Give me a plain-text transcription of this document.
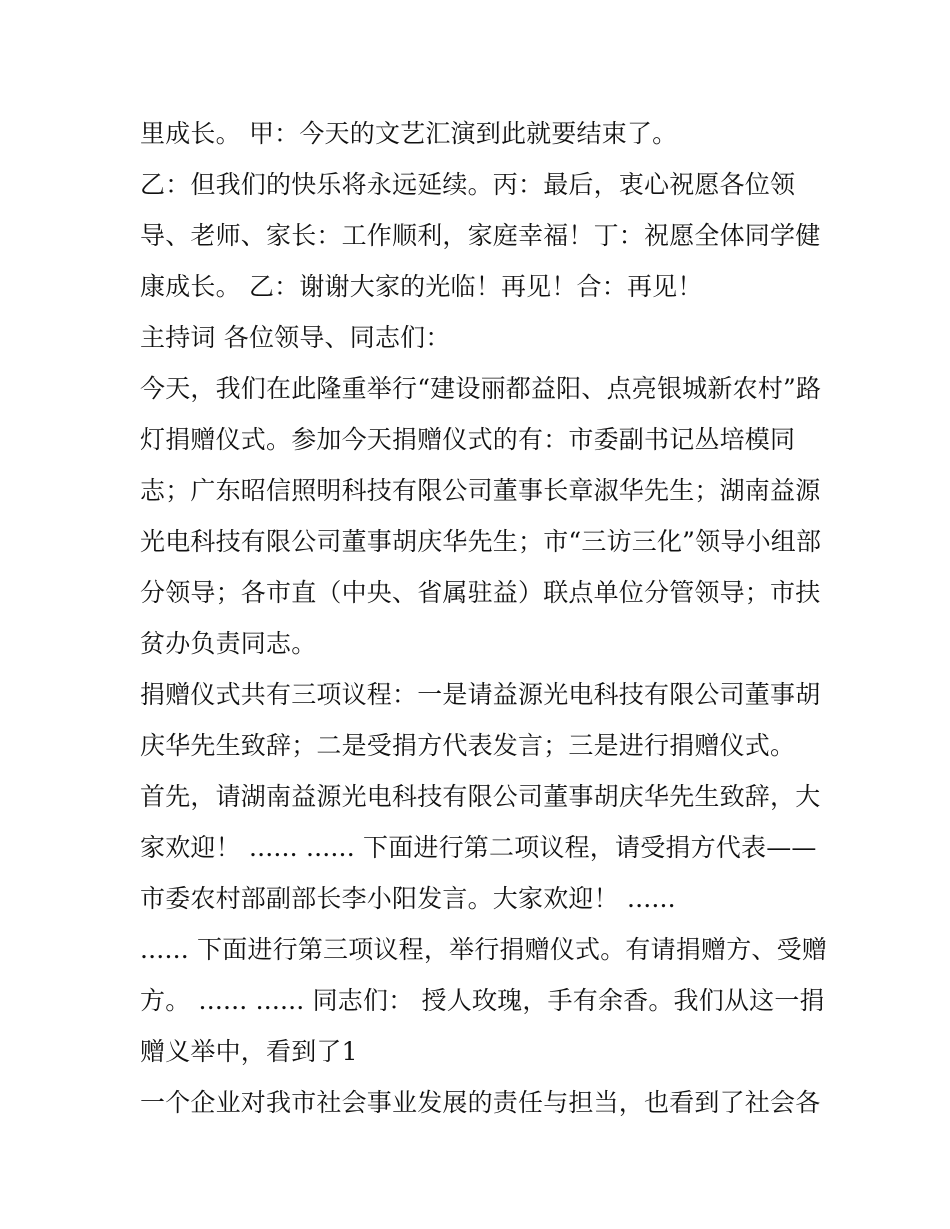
里成长。 甲：今天的文艺汇演到此就要结束了。
乙：但我们的快乐将永远延续。丙：最后，衷心祝愿各位领
导、老师、家长：工作顺利，家庭幸福！丁：祝愿全体同学健
康成长。 乙：谢谢大家的光临！再见！合：再见！
主持词 各位领导、同志们：
今天，我们在此隆重举行“建设丽都益阳、点亮银城新农村”路
灯捐赠仪式。参加今天捐赠仪式的有：市委副书记丛培模同
志；广东昭信照明科技有限公司董事长章淑华先生；湖南益源
光电科技有限公司董事胡庆华先生；市“三访三化”领导小组部
分领导；各市直（中央、省属驻益）联点单位分管领导；市扶
贫办负责同志。
捐赠仪式共有三项议程：一是请益源光电科技有限公司董事胡
庆华先生致辞；二是受捐方代表发言；三是进行捐赠仪式。
首先，请湖南益源光电科技有限公司董事胡庆华先生致辞，大
家欢迎！ ...... ...... 下面进行第二项议程，请受捐方代表——
市委农村部副部长李小阳发言。大家欢迎！ ......
...... 下面进行第三项议程，举行捐赠仪式。有请捐赠方、受赠
方。 ...... ...... 同志们： 授人玫瑰，手有余香。我们从这一捐
赠义举中，看到了1
一个企业对我市社会事业发展的责任与担当，也看到了社会各
